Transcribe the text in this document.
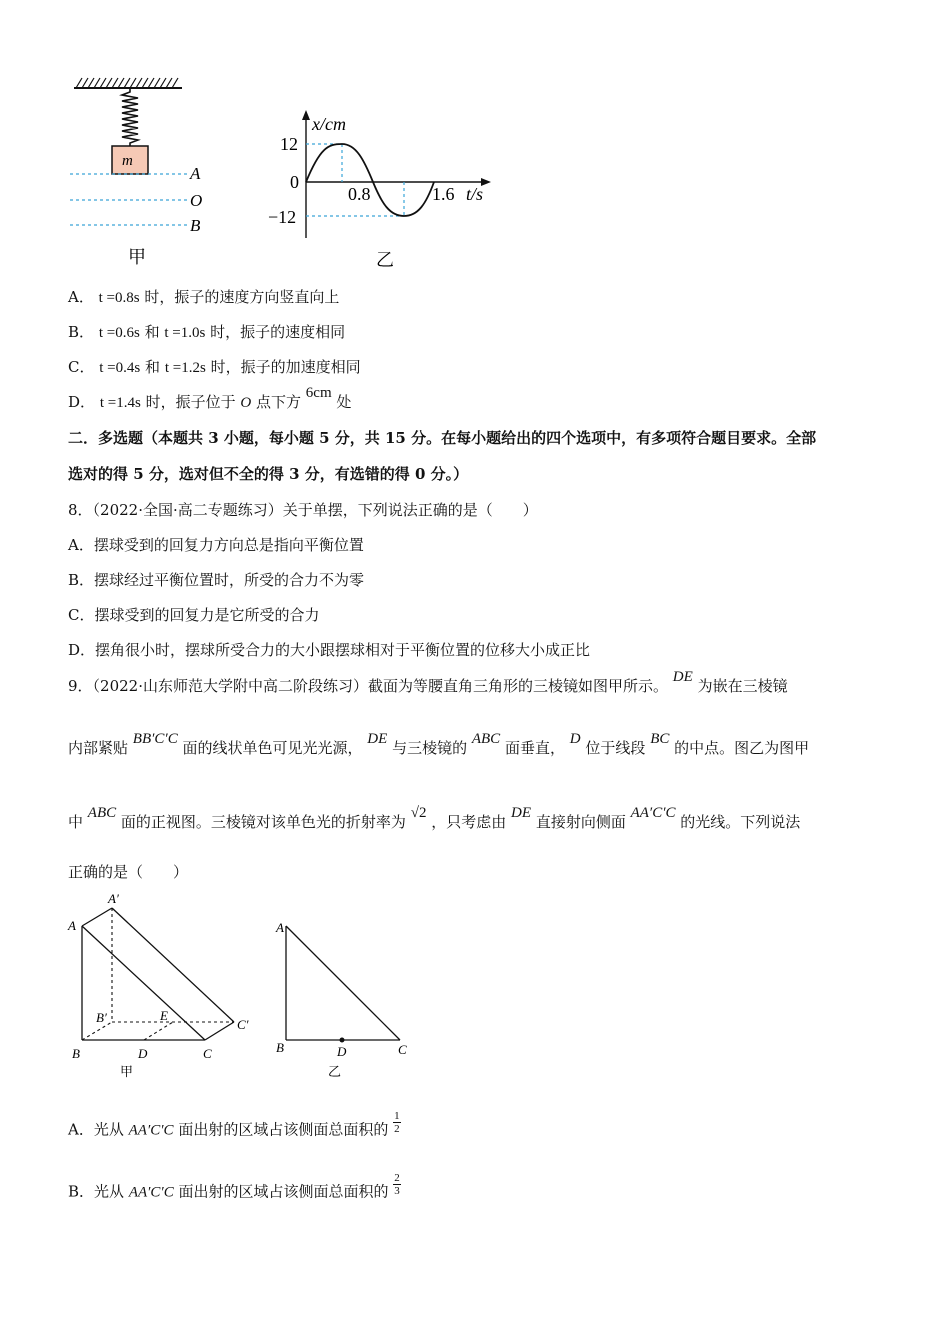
m
A
O
B
甲
x/cm
12
0
−12
0.8	1.6 t/s
乙
A． t =0.8s 时，振子的速度方向竖直向上
B． t =0.6s 和 t =1.0s 时，振子的速度相同
C． t =0.4s 和 t =1.2s 时，振子的加速度相同
D． t =1.4s 时，振子位于 O 点下方 6cm 处
二．多选题（本题共 3 小题，每小题 5 分，共 15 分。在每小题给出的四个选项中，有多项符合题目要求。全部
选对的得 5 分，选对但不全的得 3 分，有选错的得 0 分。）
8．（2022·全国·高二专题练习）关于单摆，下列说法正确的是（　　）
A．摆球受到的回复力方向总是指向平衡位置
B．摆球经过平衡位置时，所受的合力不为零
C．摆球受到的回复力是它所受的合力
D．摆角很小时，摆球所受合力的大小跟摆球相对于平衡位置的位移大小成正比
9．（2022·山东师范大学附中高二阶段练习）截面为等腰直角三角形的三棱镜如图甲所示。 DE 为嵌在三棱镜
内部紧贴 BB′C′C 面的线状单色可见光光源， DE 与三棱镜的 ABC 面垂直， D 位于线段 BC 的中点。图乙为图甲
中 ABC 面的正视图。三棱镜对该单色光的折射率为 √2 ，只考虑由 DE 直接射向侧面 AA′C′C 的光线。下列说法
正确的是（　　）
A
A′
B′	E
C′
B	D	C
甲
A
B	D	C
乙
A．光从 AA′C′C 面出射的区域占该侧面总面积的 $\frac{1}{2}$
B．光从 AA′C′C 面出射的区域占该侧面总面积的 $\frac{2}{3}$
